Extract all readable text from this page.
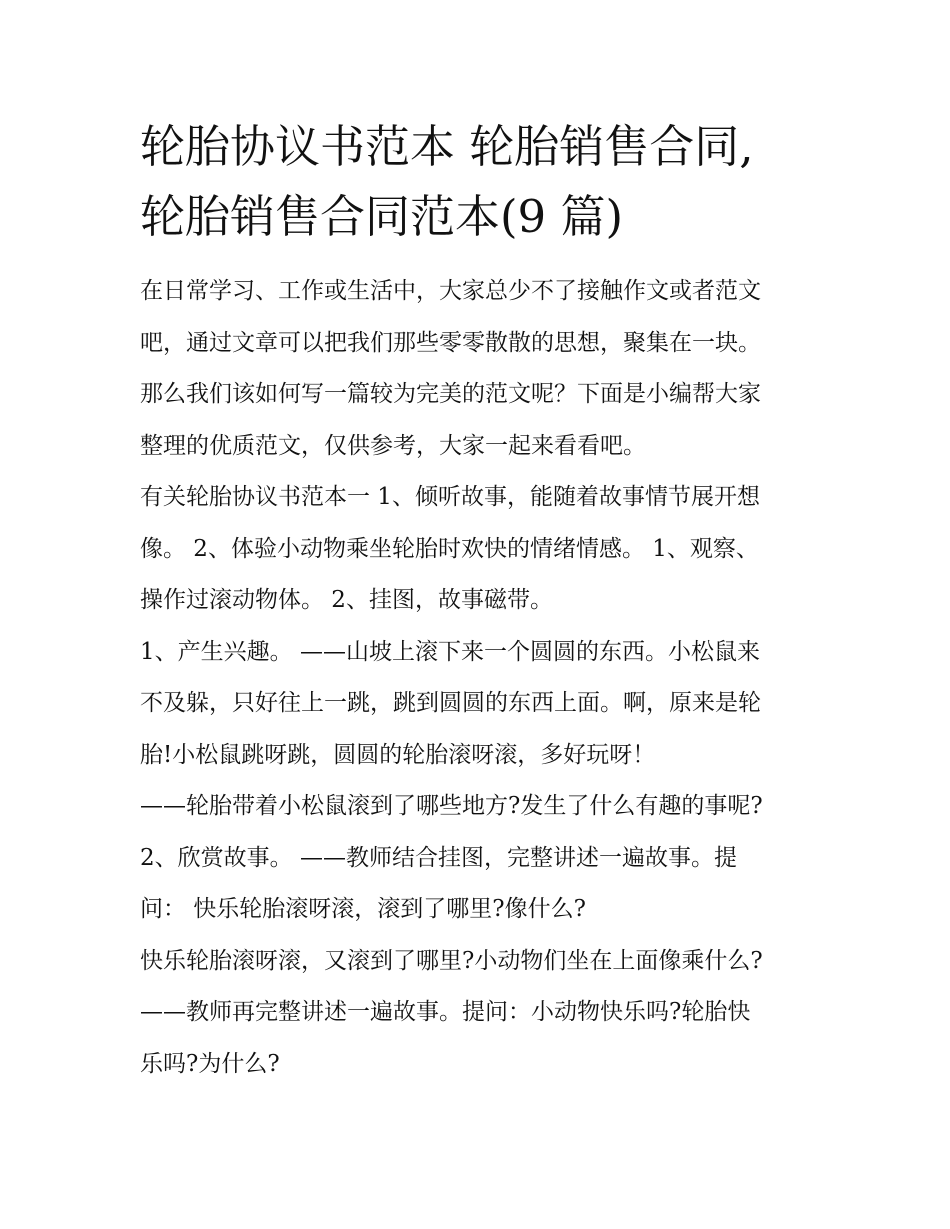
轮胎协议书范本 轮胎销售合同,
轮胎销售合同范本(9 篇)

在日常学习、工作或生活中，大家总少不了接触作文或者范文
吧，通过文章可以把我们那些零零散散的思想，聚集在一块。
那么我们该如何写一篇较为完美的范文呢？下面是小编帮大家
整理的优质范文，仅供参考，大家一起来看看吧。

有关轮胎协议书范本一 1、倾听故事，能随着故事情节展开想
像。 2、体验小动物乘坐轮胎时欢快的情绪情感。 1、观察、
操作过滚动物体。 2、挂图，故事磁带。

1、产生兴趣。 ——山坡上滚下来一个圆圆的东西。小松鼠来
不及躲，只好往上一跳，跳到圆圆的东西上面。啊，原来是轮
胎!小松鼠跳呀跳，圆圆的轮胎滚呀滚，多好玩呀！

——轮胎带着小松鼠滚到了哪些地方?发生了什么有趣的事呢?

2、欣赏故事。 ——教师结合挂图，完整讲述一遍故事。提
问： 快乐轮胎滚呀滚，滚到了哪里?像什么?

快乐轮胎滚呀滚，又滚到了哪里?小动物们坐在上面像乘什么?

——教师再完整讲述一遍故事。提问：小动物快乐吗?轮胎快
乐吗?为什么?
